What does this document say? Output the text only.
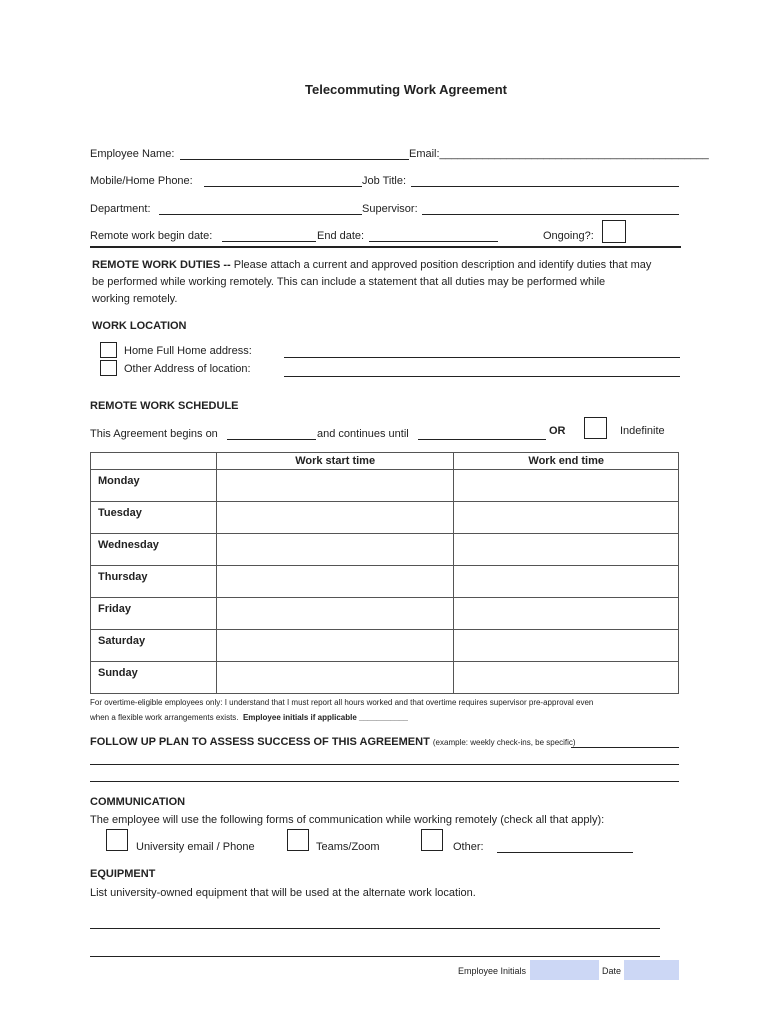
Telecommuting Work Agreement
Employee Name:	Email:____________________________________________
Mobile/Home Phone:	Job Title:
Department:	Supervisor:
Remote work begin date:	End date:	Ongoing?:
REMOTE WORK DUTIES -- Please attach a current and approved position description and identify duties that may
be performed while working remotely. This can include a statement that all duties may be performed while
working remotely.
WORK LOCATION
Home Full Home address:
Other Address of location:
REMOTE WORK SCHEDULE
This Agreement begins on	and continues until	OR	Indefinite
	Work start time	Work end time
Monday		
Tuesday		
Wednesday		
Thursday		
Friday		
Saturday		
Sunday		
For overtime-eligible employees only: I understand that I must report all hours worked and that overtime requires supervisor pre-approval even
when a flexible work arrangements exists. Employee initials if applicable ___________
FOLLOW UP PLAN TO ASSESS SUCCESS OF THIS AGREEMENT (example: weekly check-ins, be specific)
COMMUNICATION
The employee will use the following forms of communication while working remotely (check all that apply):
University email / Phone	Teams/Zoom	Other:
EQUIPMENT
List university-owned equipment that will be used at the alternate work location.
Employee Initials	Date
